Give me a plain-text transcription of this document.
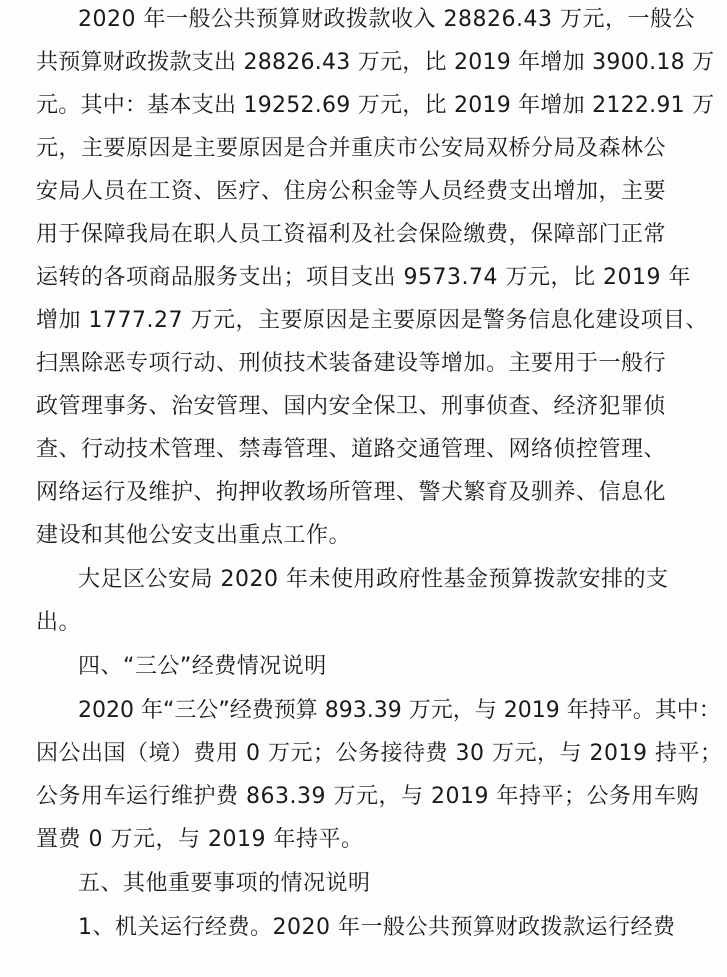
2020 年一般公共预算财政拨款收入 28826.43 万元，一般公
共预算财政拨款支出 28826.43 万元，比 2019 年增加 3900.18 万
元。其中：基本支出 19252.69 万元，比 2019 年增加 2122.91 万
元，主要原因是主要原因是合并重庆市公安局双桥分局及森林公
安局人员在工资、医疗、住房公积金等人员经费支出增加，主要
用于保障我局在职人员工资福利及社会保险缴费，保障部门正常
运转的各项商品服务支出；项目支出 9573.74 万元，比 2019 年
增加 1777.27 万元，主要原因是主要原因是警务信息化建设项目、
扫黑除恶专项行动、刑侦技术装备建设等增加。主要用于一般行
政管理事务、治安管理、国内安全保卫、刑事侦查、经济犯罪侦
查、行动技术管理、禁毒管理、道路交通管理、网络侦控管理、
网络运行及维护、拘押收教场所管理、警犬繁育及驯养、信息化
建设和其他公安支出重点工作。
大足区公安局 2020 年未使用政府性基金预算拨款安排的支
出。
四、“三公”经费情况说明
2020 年“三公”经费预算 893.39 万元，与 2019 年持平。其中：
因公出国（境）费用 0 万元；公务接待费 30 万元，与 2019 持平；
公务用车运行维护费 863.39 万元，与 2019 年持平；公务用车购
置费 0 万元，与 2019 年持平。
五、其他重要事项的情况说明
1、机关运行经费。2020 年一般公共预算财政拨款运行经费
